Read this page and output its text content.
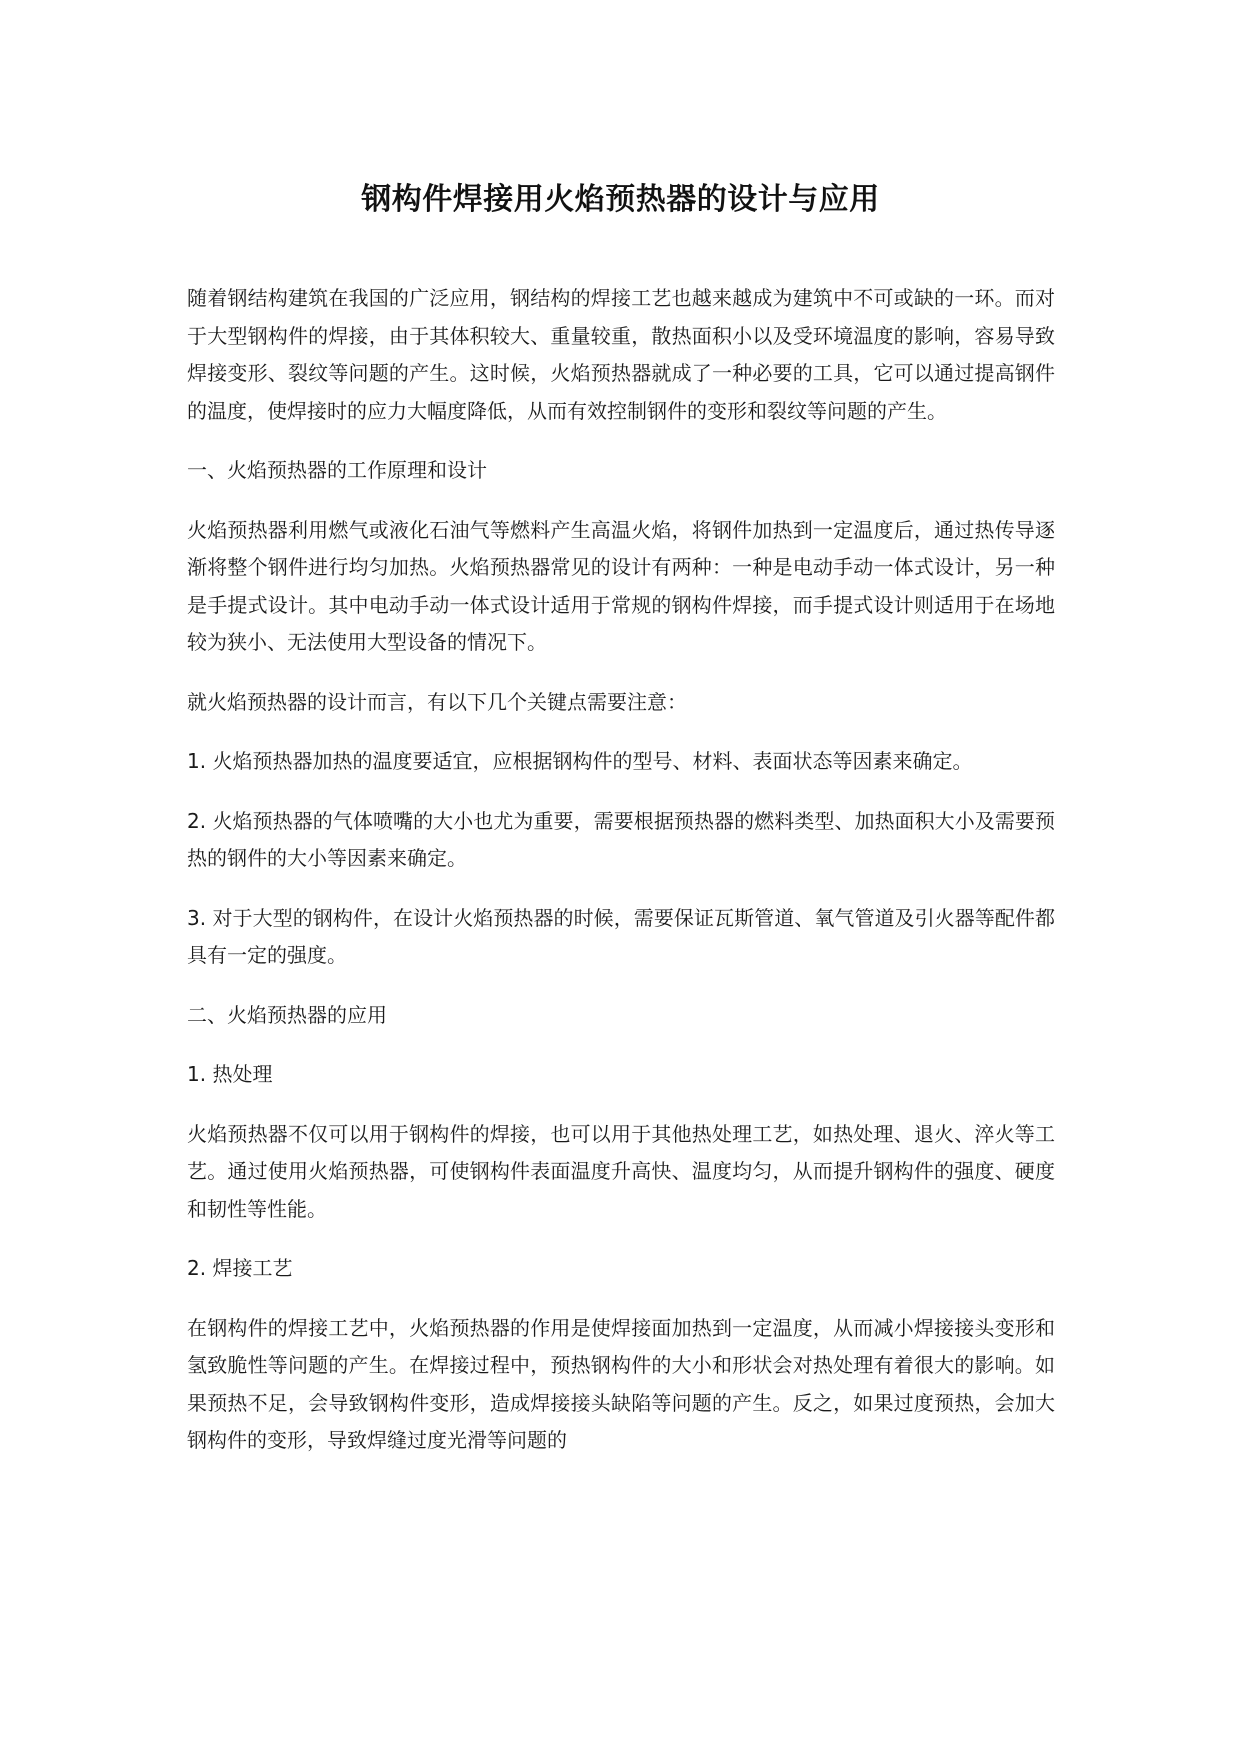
钢构件焊接用火焰预热器的设计与应用

随着钢结构建筑在我国的广泛应用，钢结构的焊接工艺也越来越成为建筑中不可或缺的一环。而对于大型钢构件的焊接，由于其体积较大、重量较重，散热面积小以及受环境温度的影响，容易导致焊接变形、裂纹等问题的产生。这时候，火焰预热器就成了一种必要的工具，它可以通过提高钢件的温度，使焊接时的应力大幅度降低，从而有效控制钢件的变形和裂纹等问题的产生。

一、火焰预热器的工作原理和设计

火焰预热器利用燃气或液化石油气等燃料产生高温火焰，将钢件加热到一定温度后，通过热传导逐渐将整个钢件进行均匀加热。火焰预热器常见的设计有两种：一种是电动手动一体式设计，另一种是手提式设计。其中电动手动一体式设计适用于常规的钢构件焊接，而手提式设计则适用于在场地较为狭小、无法使用大型设备的情况下。

就火焰预热器的设计而言，有以下几个关键点需要注意：

1. 火焰预热器加热的温度要适宜，应根据钢构件的型号、材料、表面状态等因素来确定。

2. 火焰预热器的气体喷嘴的大小也尤为重要，需要根据预热器的燃料类型、加热面积大小及需要预热的钢件的大小等因素来确定。

3. 对于大型的钢构件，在设计火焰预热器的时候，需要保证瓦斯管道、氧气管道及引火器等配件都具有一定的强度。

二、火焰预热器的应用

1. 热处理

火焰预热器不仅可以用于钢构件的焊接，也可以用于其他热处理工艺，如热处理、退火、淬火等工艺。通过使用火焰预热器，可使钢构件表面温度升高快、温度均匀，从而提升钢构件的强度、硬度和韧性等性能。

2. 焊接工艺

在钢构件的焊接工艺中，火焰预热器的作用是使焊接面加热到一定温度，从而减小焊接接头变形和氢致脆性等问题的产生。在焊接过程中，预热钢构件的大小和形状会对热处理有着很大的影响。如果预热不足，会导致钢构件变形，造成焊接接头缺陷等问题的产生。反之，如果过度预热，会加大钢构件的变形，导致焊缝过度光滑等问题的
